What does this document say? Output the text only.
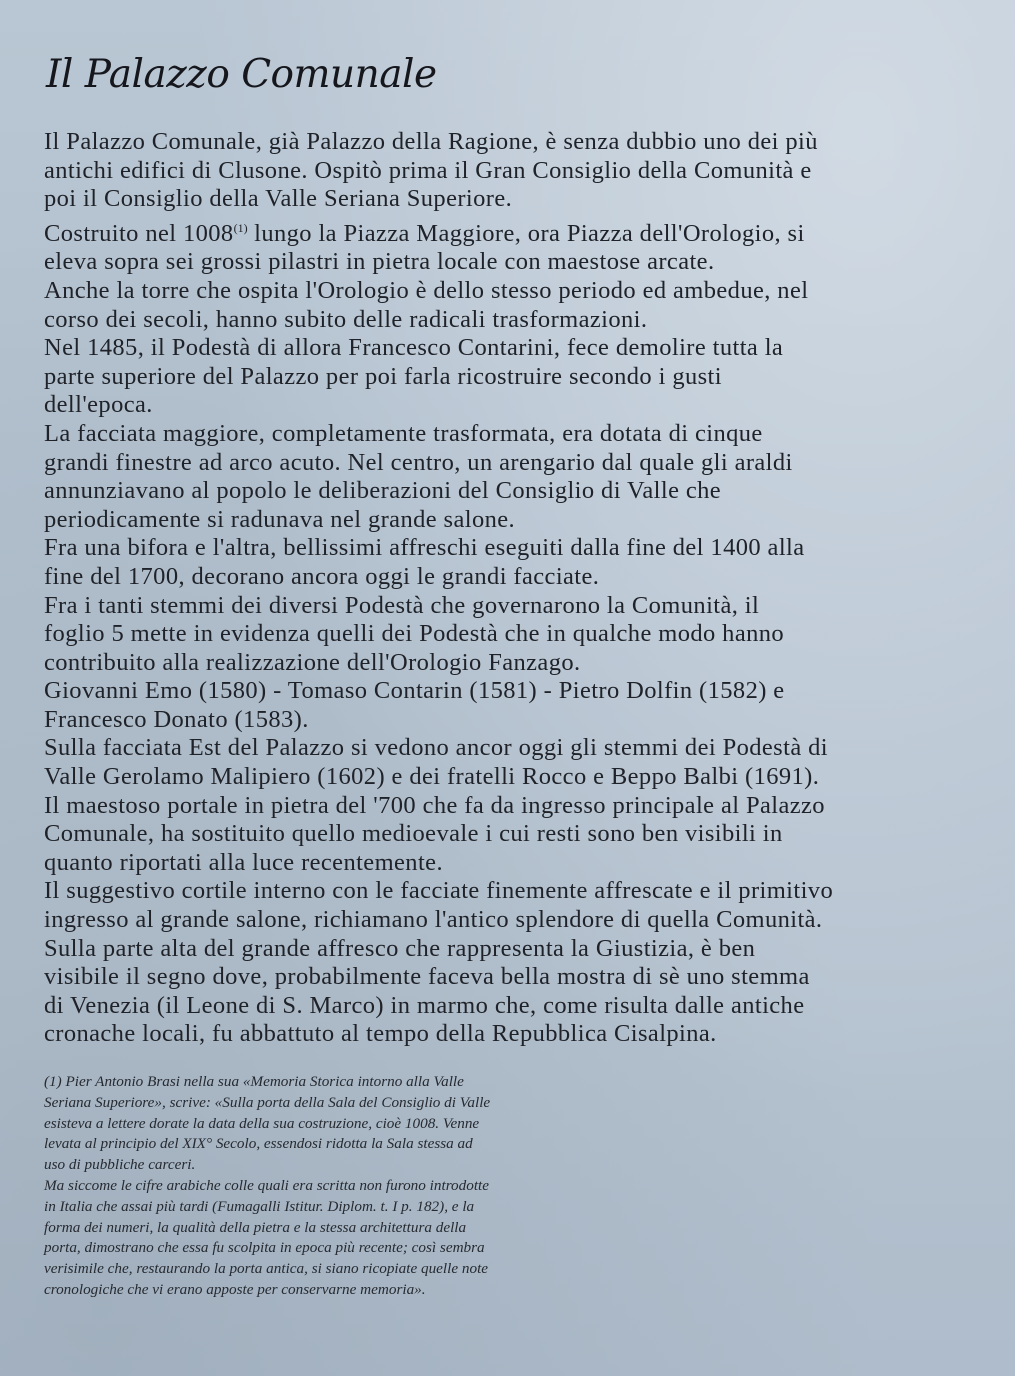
Il Palazzo Comunale
Il Palazzo Comunale, già Palazzo della Ragione, è senza dubbio uno dei più
antichi edifici di Clusone. Ospitò prima il Gran Consiglio della Comunità e
poi il Consiglio della Valle Seriana Superiore.
Costruito nel 1008$^{(1)}$ lungo la Piazza Maggiore, ora Piazza dell'Orologio, si
eleva sopra sei grossi pilastri in pietra locale con maestose arcate.
Anche la torre che ospita l'Orologio è dello stesso periodo ed ambedue, nel
corso dei secoli, hanno subito delle radicali trasformazioni.
Nel 1485, il Podestà di allora Francesco Contarini, fece demolire tutta la
parte superiore del Palazzo per poi farla ricostruire secondo i gusti
dell'epoca.
La facciata maggiore, completamente trasformata, era dotata di cinque
grandi finestre ad arco acuto. Nel centro, un arengario dal quale gli araldi
annunziavano al popolo le deliberazioni del Consiglio di Valle che
periodicamente si radunava nel grande salone.
Fra una bifora e l'altra, bellissimi affreschi eseguiti dalla fine del 1400 alla
fine del 1700, decorano ancora oggi le grandi facciate.
Fra i tanti stemmi dei diversi Podestà che governarono la Comunità, il
foglio 5 mette in evidenza quelli dei Podestà che in qualche modo hanno
contribuito alla realizzazione dell'Orologio Fanzago.
Giovanni Emo (1580) - Tomaso Contarin (1581) - Pietro Dolfin (1582) e
Francesco Donato (1583).
Sulla facciata Est del Palazzo si vedono ancor oggi gli stemmi dei Podestà di
Valle Gerolamo Malipiero (1602) e dei fratelli Rocco e Beppo Balbi (1691).
Il maestoso portale in pietra del '700 che fa da ingresso principale al Palazzo
Comunale, ha sostituito quello medioevale i cui resti sono ben visibili in
quanto riportati alla luce recentemente.
Il suggestivo cortile interno con le facciate finemente affrescate e il primitivo
ingresso al grande salone, richiamano l'antico splendore di quella Comunità.
Sulla parte alta del grande affresco che rappresenta la Giustizia, è ben
visibile il segno dove, probabilmente faceva bella mostra di sè uno stemma
di Venezia (il Leone di S. Marco) in marmo che, come risulta dalle antiche
cronache locali, fu abbattuto al tempo della Repubblica Cisalpina.
(1) Pier Antonio Brasi nella sua «Memoria Storica intorno alla Valle
Seriana Superiore», scrive: «Sulla porta della Sala del Consiglio di Valle
esisteva a lettere dorate la data della sua costruzione, cioè 1008. Venne
levata al principio del XIX° Secolo, essendosi ridotta la Sala stessa ad
uso di pubbliche carceri.
Ma siccome le cifre arabiche colle quali era scritta non furono introdotte
in Italia che assai più tardi (Fumagalli Istitur. Diplom. t. I p. 182), e la
forma dei numeri, la qualità della pietra e la stessa architettura della
porta, dimostrano che essa fu scolpita in epoca più recente; così sembra
verisimile che, restaurando la porta antica, si siano ricopiate quelle note
cronologiche che vi erano apposte per conservarne memoria».
